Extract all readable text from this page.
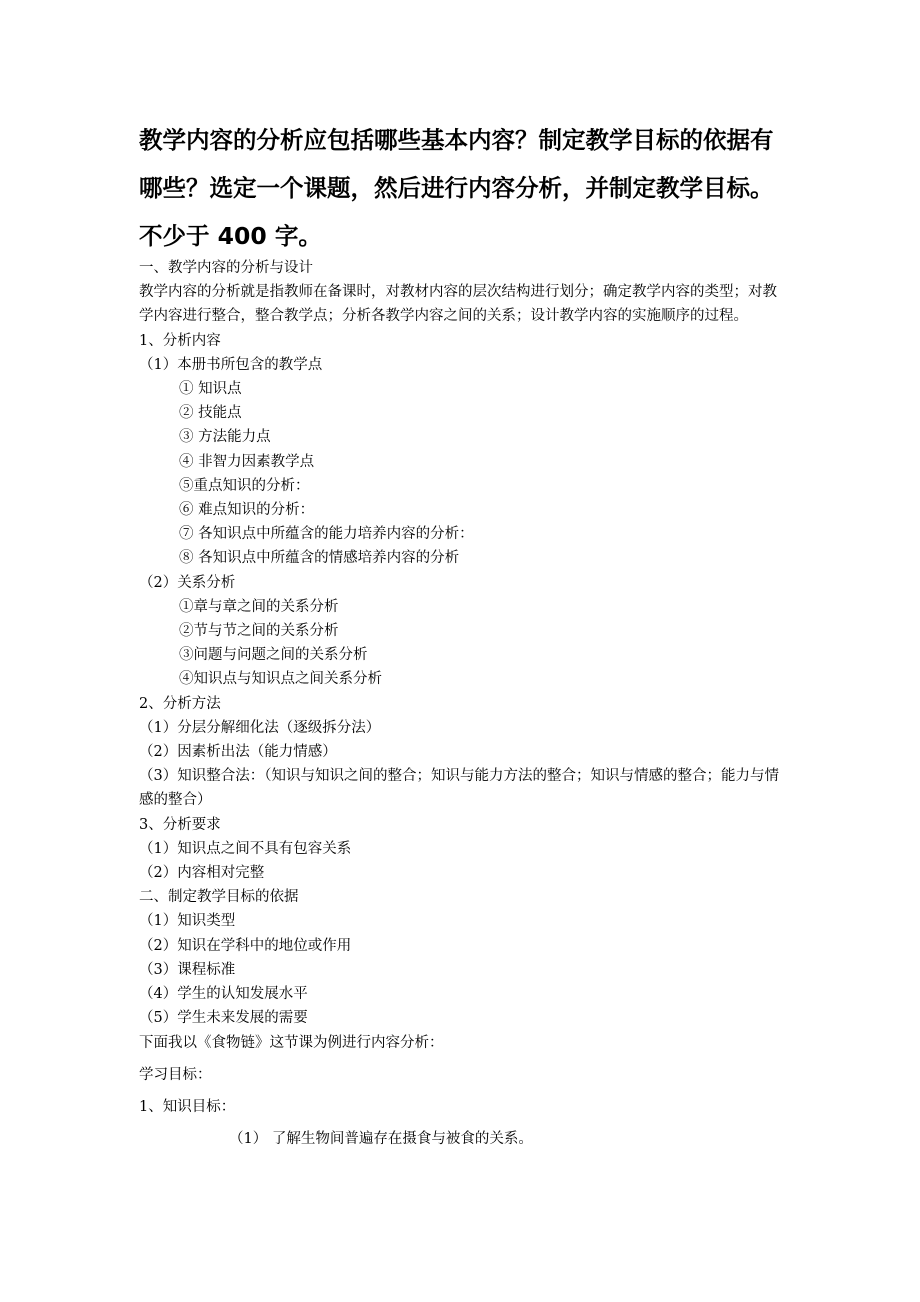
教学内容的分析应包括哪些基本内容？制定教学目标的依据有哪些？选定一个课题，然后进行内容分析，并制定教学目标。不少于 400 字。
一、教学内容的分析与设计
教学内容的分析就是指教师在备课时，对教材内容的层次结构进行划分；确定教学内容的类型；对教学内容进行整合，整合教学点；分析各教学内容之间的关系；设计教学内容的实施顺序的过程。
1、分析内容
（1）本册书所包含的教学点
① 知识点
② 技能点
③ 方法能力点
④ 非智力因素教学点
⑤重点知识的分析：
⑥ 难点知识的分析：
⑦ 各知识点中所蕴含的能力培养内容的分析：
⑧ 各知识点中所蕴含的情感培养内容的分析
（2）关系分析
①章与章之间的关系分析
②节与节之间的关系分析
③问题与问题之间的关系分析
④知识点与知识点之间关系分析
2、分析方法
（1）分层分解细化法（逐级拆分法）
（2）因素析出法（能力情感）
（3）知识整合法：（知识与知识之间的整合；知识与能力方法的整合；知识与情感的整合；能力与情感的整合）
3、分析要求
（1）知识点之间不具有包容关系
（2）内容相对完整
二、制定教学目标的依据
（1）知识类型
（2）知识在学科中的地位或作用
（3）课程标准
（4）学生的认知发展水平
（5）学生未来发展的需要
下面我以《食物链》这节课为例进行内容分析：
学习目标：
1、知识目标：
（1） 了解生物间普遍存在摄食与被食的关系。
